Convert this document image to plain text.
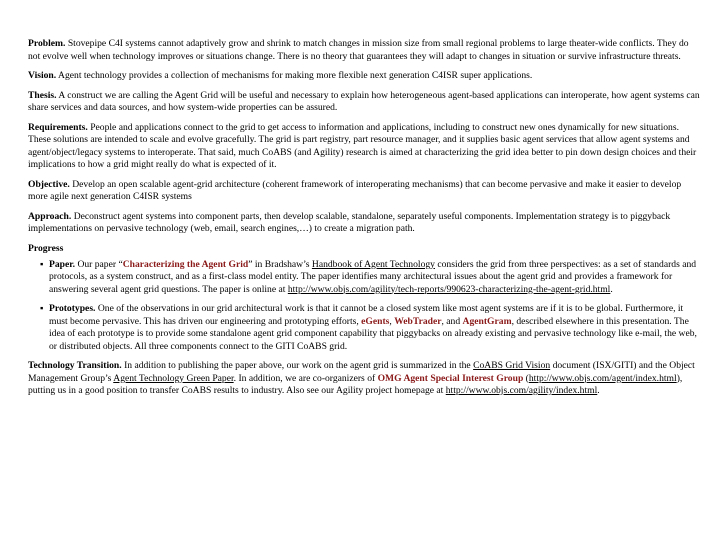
Problem. Stovepipe C4I systems cannot adaptively grow and shrink to match changes in mission size from small regional problems to large theater-wide conflicts. They do not evolve well when technology improves or situations change. There is no theory that guarantees they will adapt to changes in situation or survive infrastructure threats.

Vision. Agent technology provides a collection of mechanisms for making more flexible next generation C4ISR super applications.

Thesis. A construct we are calling the Agent Grid will be useful and necessary to explain how heterogeneous agent-based applications can interoperate, how agent systems can share services and data sources, and how system-wide properties can be assured.

Requirements. People and applications connect to the grid to get access to information and applications, including to construct new ones dynamically for new situations. These solutions are intended to scale and evolve gracefully. The grid is part registry, part resource manager, and it supplies basic agent services that allow agent systems and agent/object/legacy systems to interoperate. That said, much CoABS (and Agility) research is aimed at characterizing the grid idea better to pin down design choices and their implications to how a grid might really do what is expected of it.

Objective. Develop an open scalable agent-grid architecture (coherent framework of interoperating mechanisms) that can become pervasive and make it easier to develop more agile next generation C4ISR systems

Approach. Deconstruct agent systems into component parts, then develop scalable, standalone, separately useful components. Implementation strategy is to piggyback implementations on pervasive technology (web, email, search engines,…) to create a migration path.

Progress

▪ Paper. Our paper “Characterizing the Agent Grid” in Bradshaw’s Handbook of Agent Technology considers the grid from three perspectives: as a set of standards and protocols, as a system construct, and as a first-class model entity. The paper identifies many architectural issues about the agent grid and provides a framework for answering several agent grid questions. The paper is online at http://www.objs.com/agility/tech-reports/990623-characterizing-the-agent-grid.html.
▪ Prototypes. One of the observations in our grid architectural work is that it cannot be a closed system like most agent systems are if it is to be global. Furthermore, it must become pervasive. This has driven our engineering and prototyping efforts, eGents, WebTrader, and AgentGram, described elsewhere in this presentation. The idea of each prototype is to provide some standalone agent grid component capability that piggybacks on already existing and pervasive technology like e-mail, the web, or distributed objects. All three components connect to the GITI CoABS grid.

Technology Transition. In addition to publishing the paper above, our work on the agent grid is summarized in the CoABS Grid Vision document (ISX/GITI) and the Object Management Group’s Agent Technology Green Paper. In addition, we are co-organizers of OMG Agent Special Interest Group (http://www.objs.com/agent/index.html), putting us in a good position to transfer CoABS results to industry. Also see our Agility project homepage at http://www.objs.com/agility/index.html.
